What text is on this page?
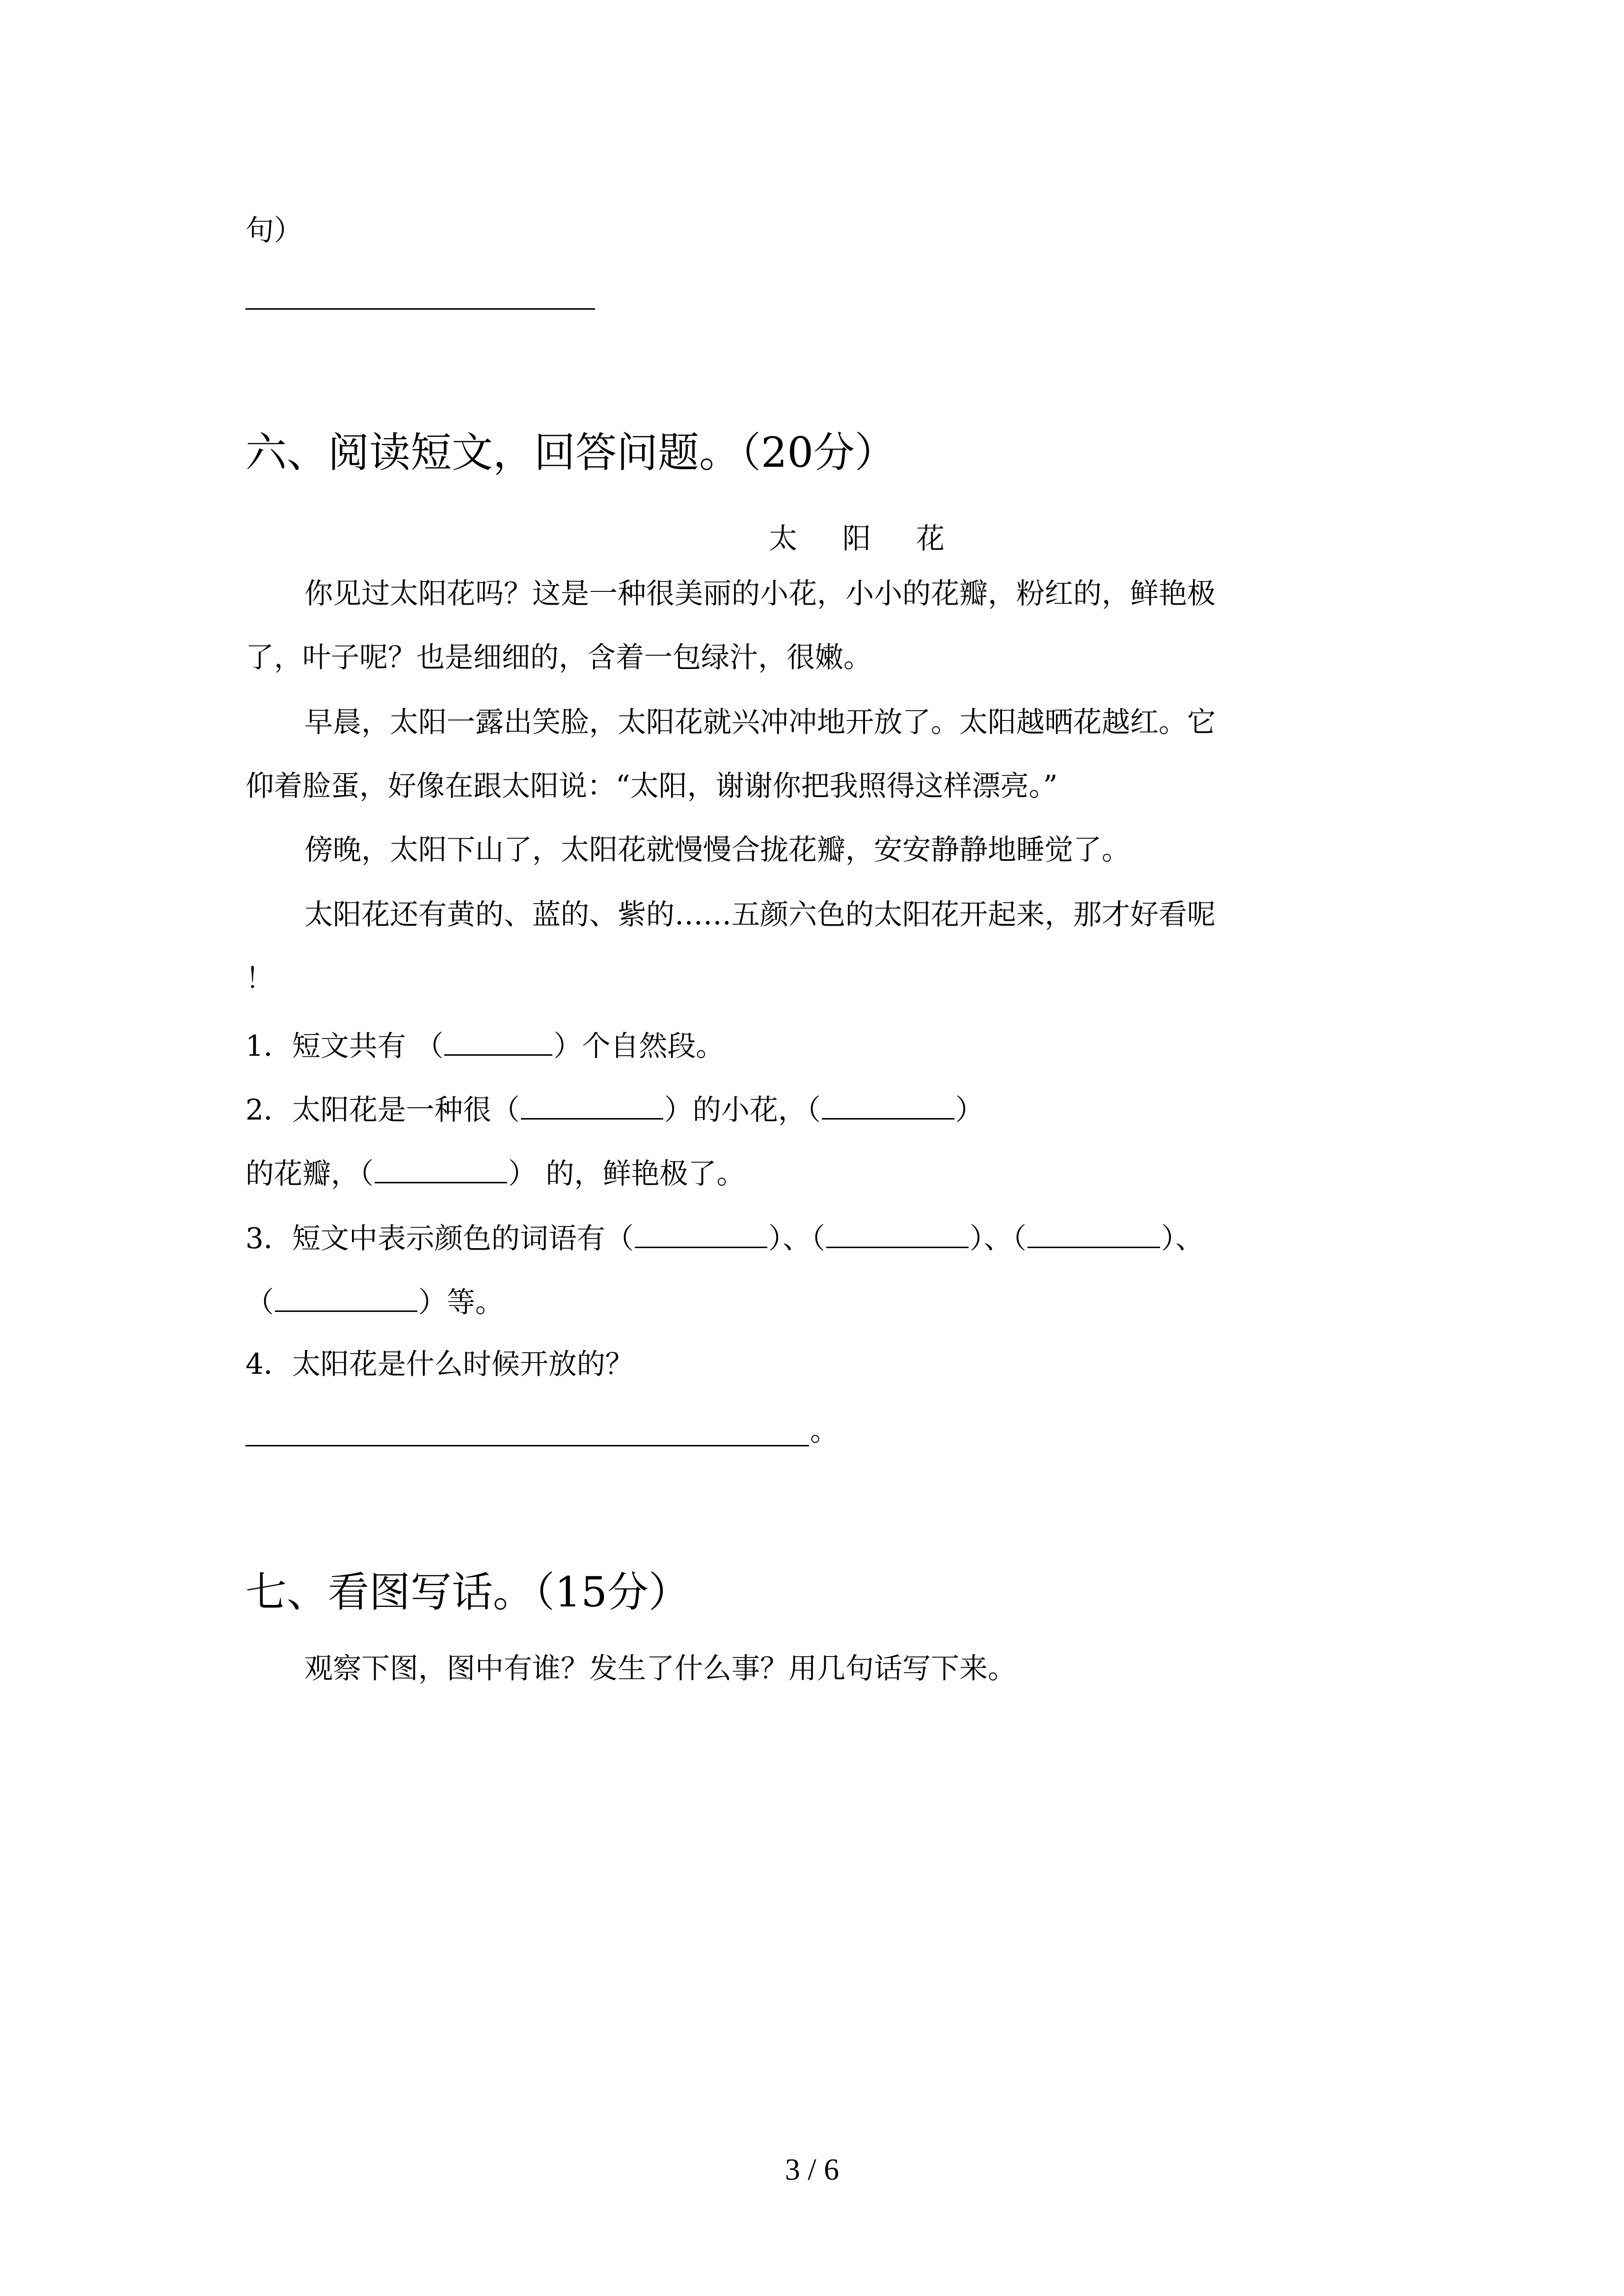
句）
六、阅读短文，回答问题。（20分）
太 阳 花
你见过太阳花吗？这是一种很美丽的小花，小小的花瓣，粉红的，鲜艳极
了，叶子呢？也是细细的，含着一包绿汁，很嫩。
早晨，太阳一露出笑脸，太阳花就兴冲冲地开放了。太阳越晒花越红。它
仰着脸蛋，好像在跟太阳说：“太阳，谢谢你把我照得这样漂亮。”
傍晚，太阳下山了，太阳花就慢慢合拢花瓣，安安静静地睡觉了。
太阳花还有黄的、蓝的、紫的……五颜六色的太阳花开起来，那才好看呢
！
1．短文共有 （	）个自然段。
2．太阳花是一种很（	）的小花，（	）
的花瓣，（	） 的，鲜艳极了。
3．短文中表示颜色的词语有（	）、（	）、（	）、
（	）等。
4．太阳花是什么时候开放的？
。
七、看图写话。（15分）
观察下图，图中有谁？发生了什么事？用几句话写下来。
3 / 6
